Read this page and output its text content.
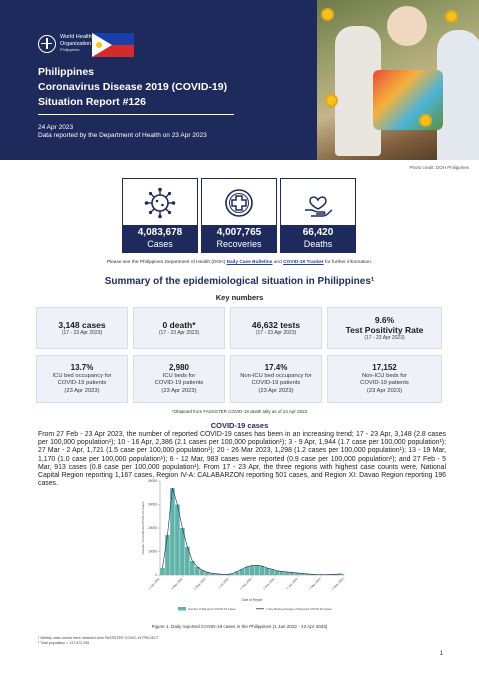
World Health
Organization
Philippines
Philippines
Coronavirus Disease 2019 (COVID-19)
Situation Report #126
24 Apr 2023
Data reported by the Department of Health on 23 Apr 2023
Photo credit: DOH Philippines
4,083,678
Cases
4,007,765
Recoveries
66,420
Deaths
Please see the Philippines Department of Health (DOH) Daily Case Bulletins and COVID-19 Tracker for further information.
Summary of the epidemiological situation in Philippines¹
Key numbers
3,148 cases
(17 - 23 Apr 2023)
0 death*
(17 - 23 Apr 2023)
46,632 tests
(17 - 23 Apr 2023)
9.6%
Test Positivity Rate
(17 - 23 Apr 2023)
13.7%
ICU bed occupancy for
COVID-19 patients
(23 Apr 2023)
2,980
ICU beds for
COVID-19 patients
(23 Apr 2023)
17.4%
Non-ICU bed occupancy for
COVID-19 patients
(23 Apr 2023)
17,152
Non-ICU beds for
COVID-19 patients
(23 Apr 2023)
*Obtained from FASSSTER COVID-19 death tally as of 24 Apr 2023
COVID-19 cases
From 27 Feb - 23 Apr 2023, the number of reported COVID-19 cases has been in an increasing trend; 17 - 23 Apr, 3,148 (2.8 cases per 100,000 population¹); 10 - 16 Apr, 2,386 (2.1 cases per 100,000 population¹); 3 - 9 Apr, 1,944 (1.7 case per 100,000 population¹); 27 Mar - 2 Apr, 1,721 (1.5 case per 100,000 population¹); 20 - 26 Mar 2023, 1,298 (1.2 cases per 100,000 population¹); 13 - 19 Mar, 1,170 (1.0 case per 100,000 population¹); 6 - 12 Mar, 983 cases were reported (0.9 case per 100,000 population¹); and 27 Feb - 5 Mar, 913 cases (0.8 case per 100,000 population¹). From 17 - 23 Apr, the three regions with highest case counts were, National Capital Region reporting 1,167 cases, Region IV-A: CALABARZON reporting 501 cases, and Region XI: Davao Region reporting 196 cases.
0
10000
20000
30000
40000
Number of Confirmed COVID-19 Cases
1 Jan 2022	1 Mar 2022	1 May 2022	1 Jul 2022	1 Sep 2022	1 Nov 2022	1 Jan 2023	1 Mar 2023	1 May 2023
Date of Report
Number of Reported COVID-19 Cases	7-day Moving Average of Reported COVID-19 Cases
Figure 1. Daily reported COVID-19 cases in the Philippines (1 Jan 2022 - 23 Apr 2023)
¹ Weekly case counts were obtained from FASSSTER COVID-19 PROJECT
² Total population = 117,572,208
1
